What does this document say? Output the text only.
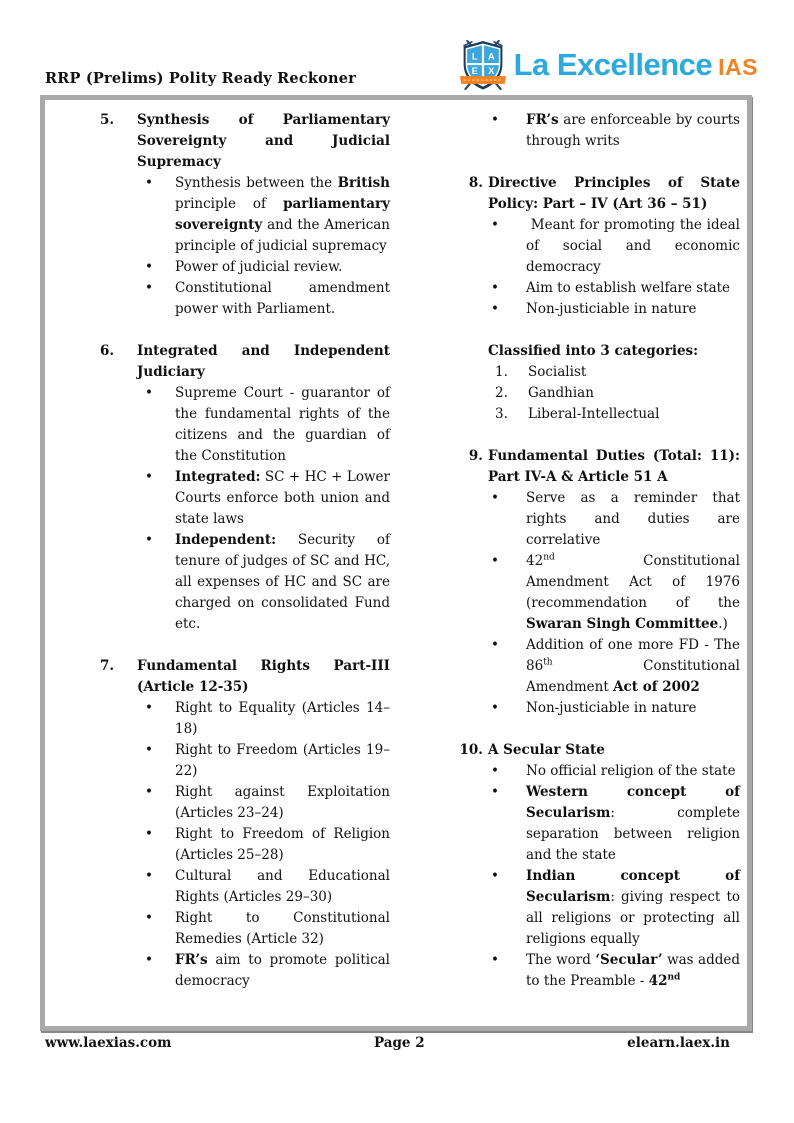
RRP (Prelims) Polity Ready Reckoner
L A
E X La Excellence IAS
5.	Synthesis of Parliamentary Sovereignty and Judicial Supremacy
•	Synthesis between the British principle of parliamentary sovereignty and the American principle of judicial supremacy
•	Power of judicial review.
•	Constitutional amendment power with Parliament.
6.	Integrated and Independent Judiciary
•	Supreme Court - guarantor of the fundamental rights of the citizens and the guardian of the Constitution
•	Integrated: SC + HC + Lower Courts enforce both union and state laws
•	Independent: Security of tenure of judges of SC and HC, all expenses of HC and SC are charged on consolidated Fund etc.
7.	Fundamental Rights Part-III (Article 12-35)
•	Right to Equality (Articles 14–18)
•	Right to Freedom (Articles 19–22)
•	Right against Exploitation (Articles 23–24)
•	Right to Freedom of Religion (Articles 25–28)
•	Cultural and Educational Rights (Articles 29–30)
•	Right to Constitutional Remedies (Article 32)
•	FR’s aim to promote political democracy
•	FR’s are enforceable by courts through writs
8. Directive Principles of State Policy: Part – IV (Art 36 – 51)
•	Meant for promoting the ideal of social and economic democracy
•	Aim to establish welfare state
•	Non-justiciable in nature
Classified into 3 categories:
1.	Socialist
2.	Gandhian
3.	Liberal-Intellectual
9. Fundamental Duties (Total: 11): Part IV-A & Article 51 A
•	Serve as a reminder that rights and duties are correlative
•	42nd Constitutional Amendment Act of 1976 (recommendation of the Swaran Singh Committee.)
•	Addition of one more FD - The 86th Constitutional Amendment Act of 2002
•	Non-justiciable in nature
10. A Secular State
•	No official religion of the state
•	Western concept of Secularism: complete separation between religion and the state
•	Indian concept of Secularism: giving respect to all religions or protecting all religions equally
•	The word ‘Secular’ was added to the Preamble - 42nd
www.laexias.com	Page 2	elearn.laex.in
